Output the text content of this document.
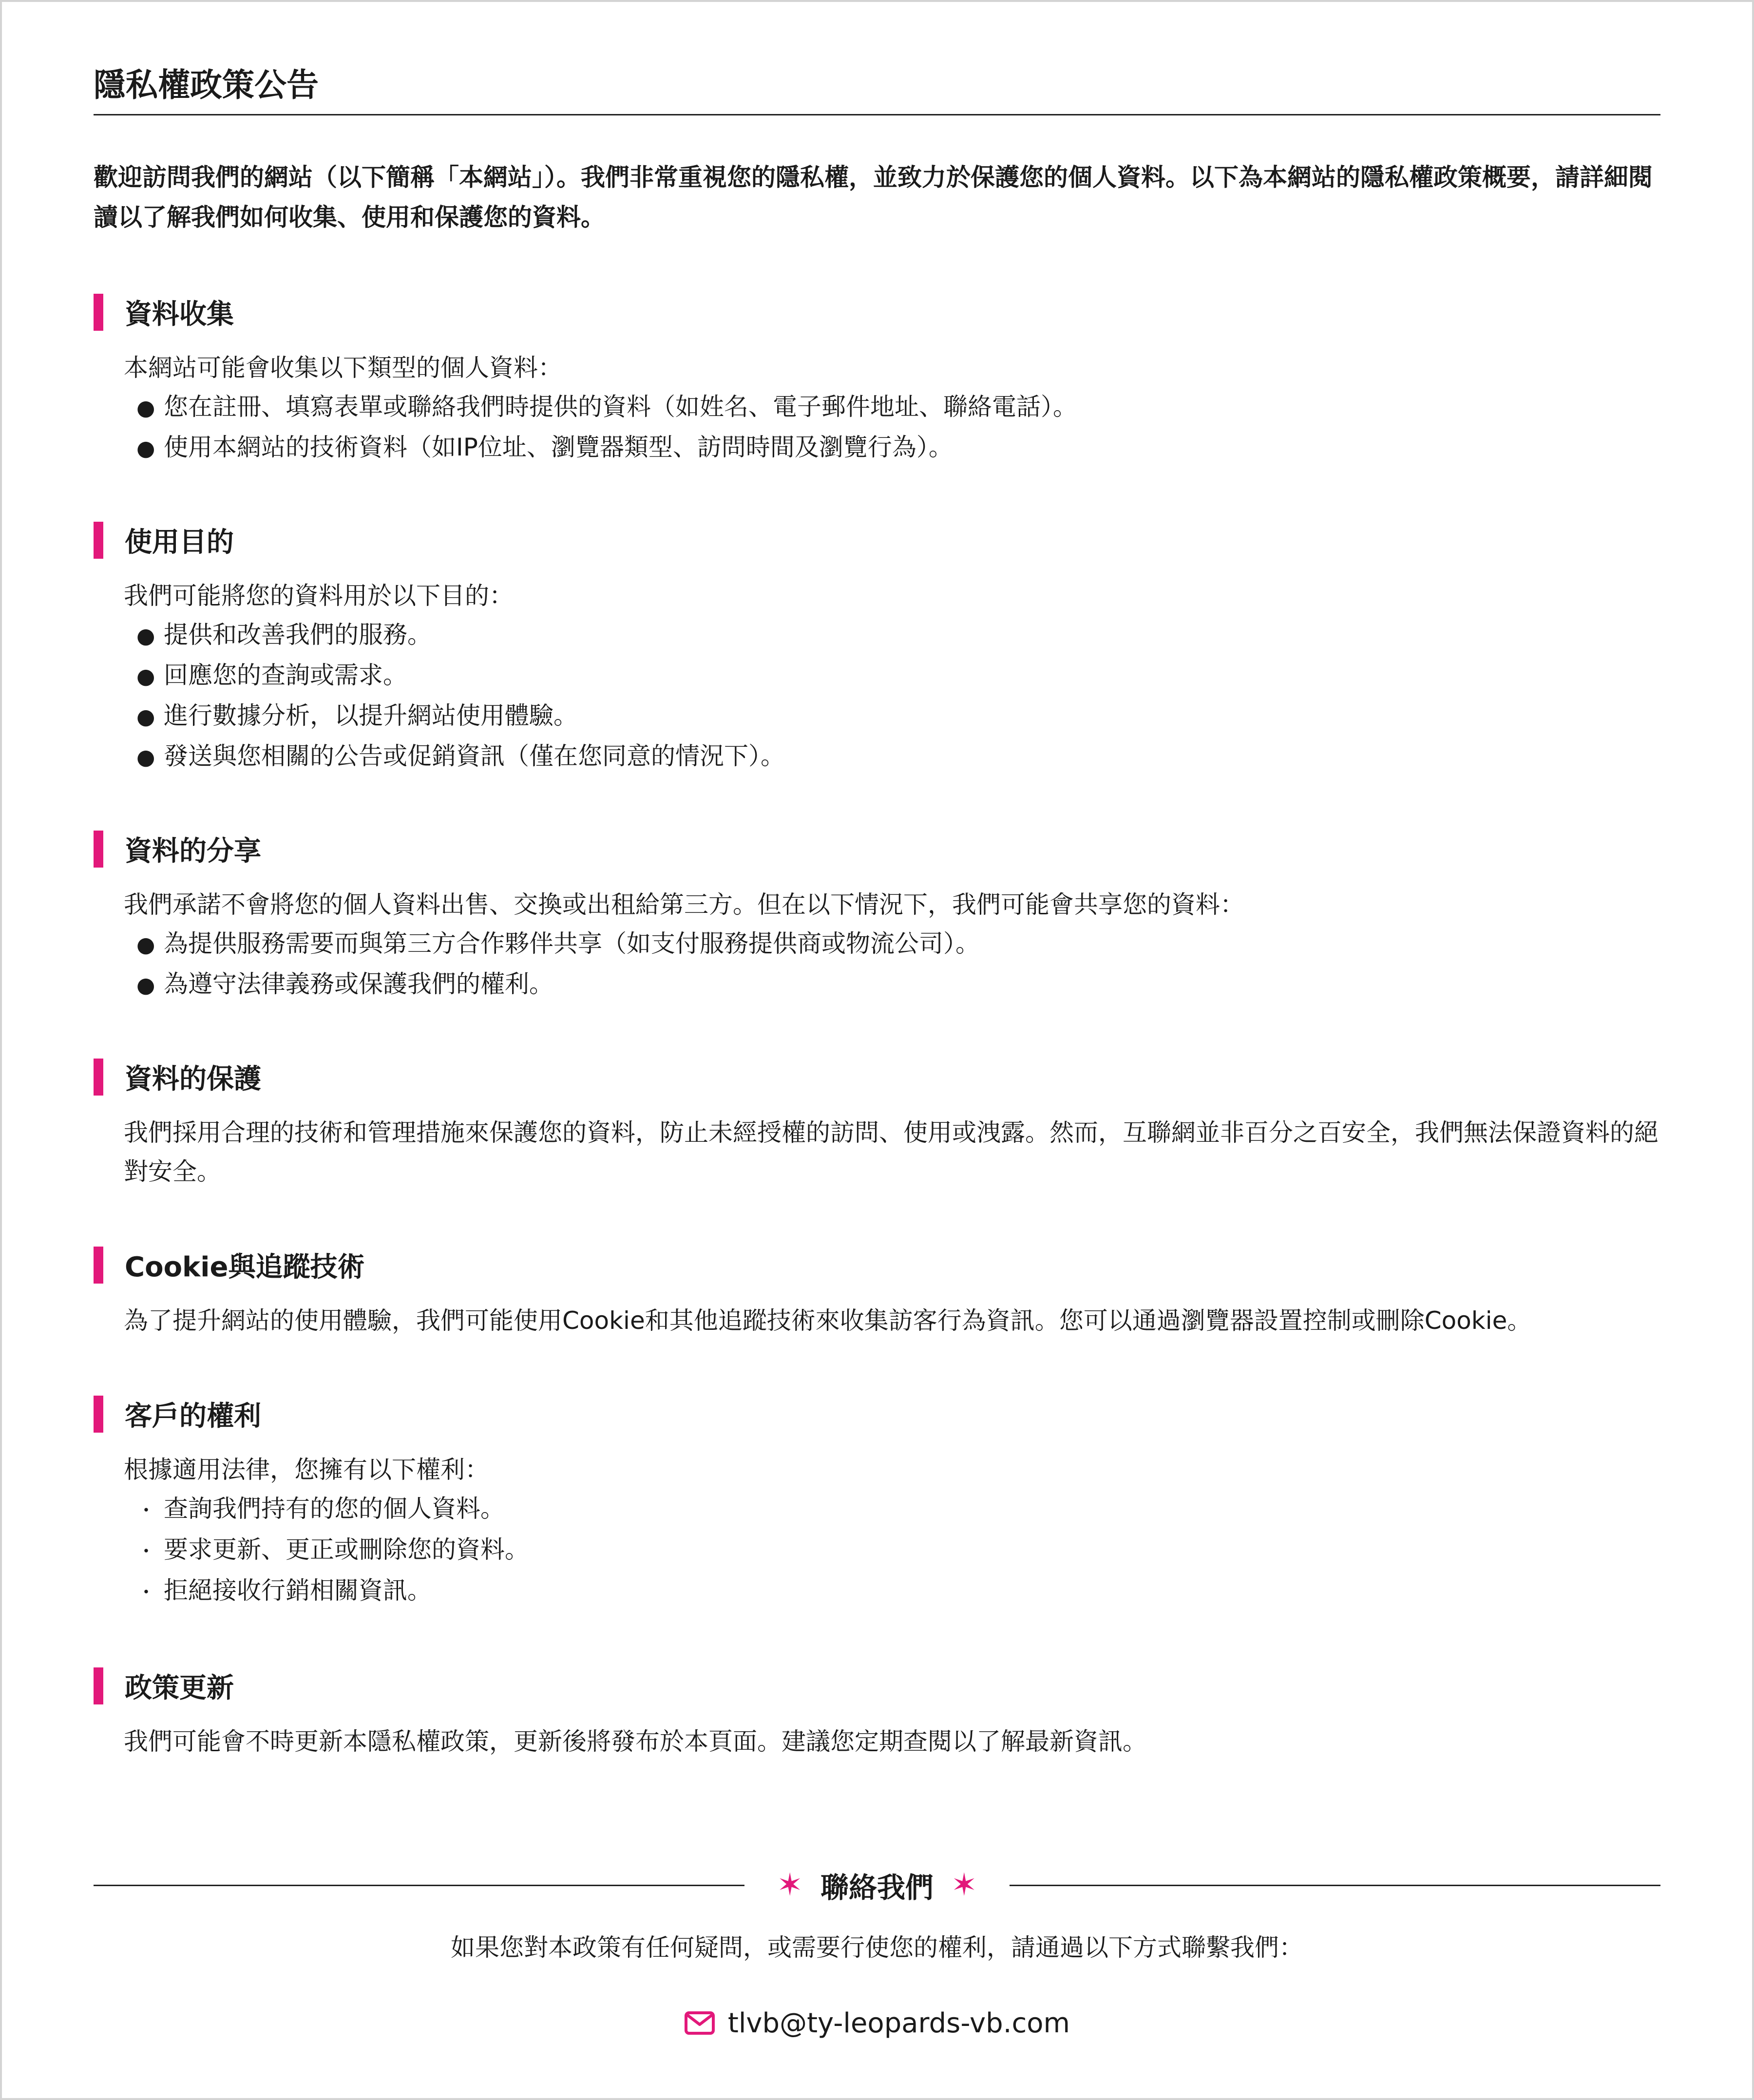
隱私權政策公告
歡迎訪問我們的網站（以下簡稱「本網站」）。我們非常重視您的隱私權，並致力於保護您的個人資料。以下為本網站的隱私權政策概要，請詳細閱讀以了解我們如何收集、使用和保護您的資料。
資料收集

本網站可能會收集以下類型的個人資料：

● 您在註冊、填寫表單或聯絡我們時提供的資料（如姓名、電子郵件地址、聯絡電話）。
● 使用本網站的技術資料（如IP位址、瀏覽器類型、訪問時間及瀏覽行為）。
使用目的

我們可能將您的資料用於以下目的：

● 提供和改善我們的服務。
● 回應您的查詢或需求。
● 進行數據分析，以提升網站使用體驗。
● 發送與您相關的公告或促銷資訊（僅在您同意的情況下）。
資料的分享

我們承諾不會將您的個人資料出售、交換或出租給第三方。但在以下情況下，我們可能會共享您的資料：

● 為提供服務需要而與第三方合作夥伴共享（如支付服務提供商或物流公司）。
● 為遵守法律義務或保護我們的權利。
資料的保護

我們採用合理的技術和管理措施來保護您的資料，防止未經授權的訪問、使用或洩露。然而，互聯網並非百分之百安全，我們無法保證資料的絕對安全。

Cookie與追蹤技術

為了提升網站的使用體驗，我們可能使用Cookie和其他追蹤技術來收集訪客行為資訊。您可以通過瀏覽器設置控制或刪除Cookie。

客戶的權利

根據適用法律，您擁有以下權利：

・ 查詢我們持有的您的個人資料。
・ 要求更新、更正或刪除您的資料。
・ 拒絕接收行銷相關資訊。
政策更新

我們可能會不時更新本隱私權政策，更新後將發布於本頁面。建議您定期查閱以了解最新資訊。

✶ 聯絡我們 ✶
如果您對本政策有任何疑問，或需要行使您的權利，請通過以下方式聯繫我們：
tlvb@ty-leopards-vb.com
